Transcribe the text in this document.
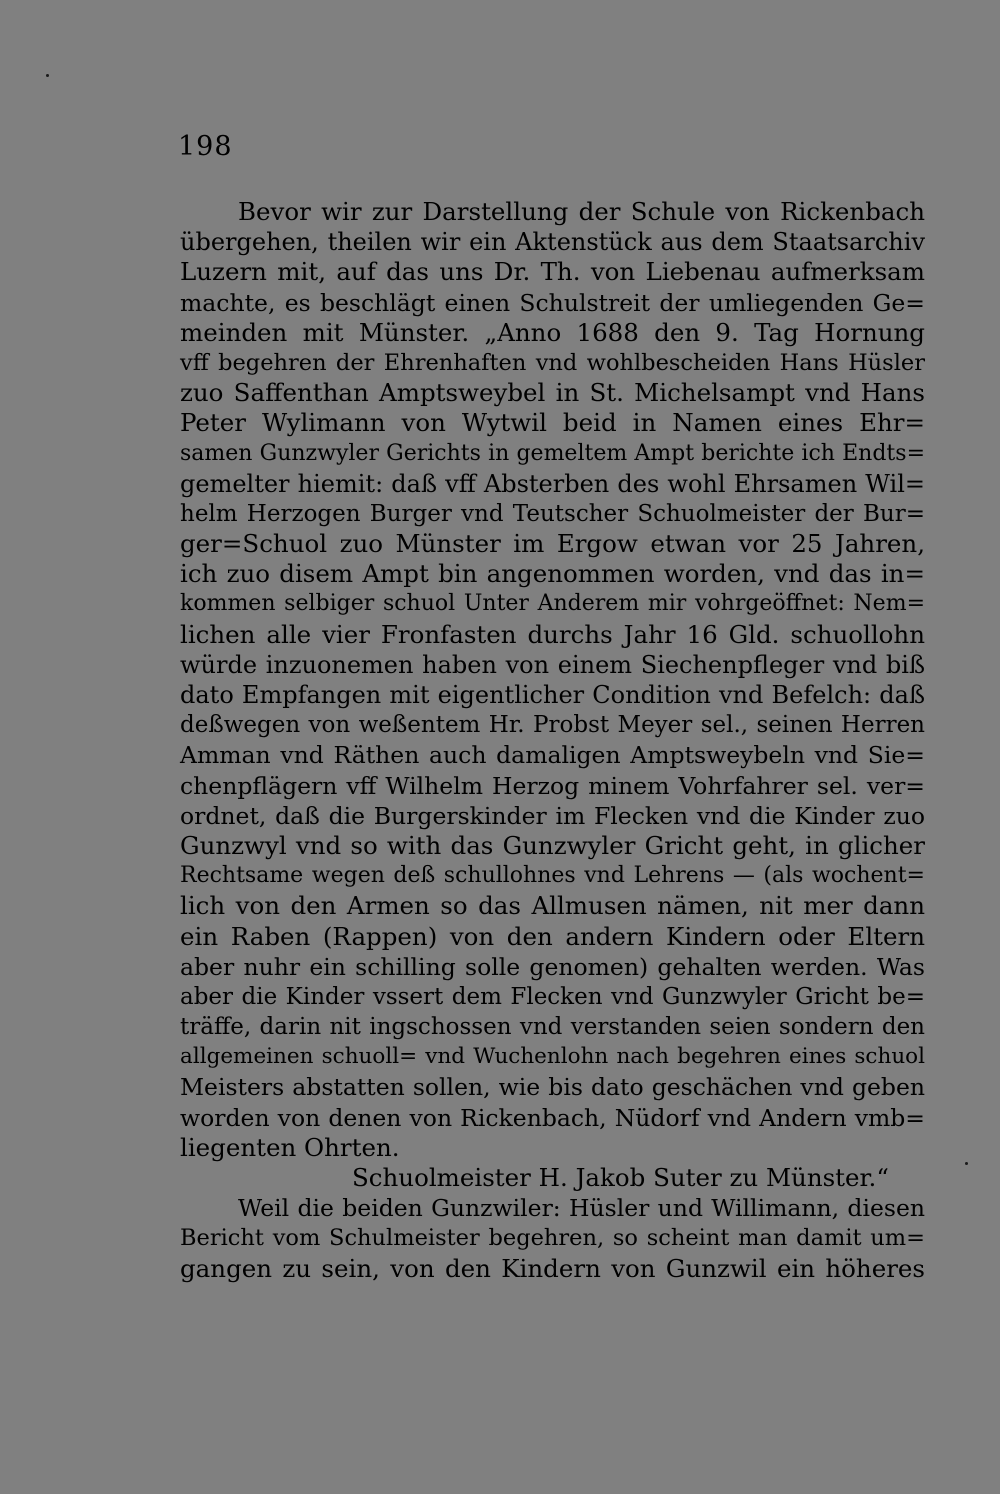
198
Bevor wir zur Darstellung der Schule von Rickenbach
übergehen, theilen wir ein Aktenstück aus dem Staatsarchiv
Luzern mit, auf das uns Dr. Th. von Liebenau aufmerksam
machte, es beschlägt einen Schulstreit der umliegenden Ge=
meinden mit Münster. „Anno 1688 den 9. Tag Hornung
vff begehren der Ehrenhaften vnd wohlbescheiden Hans Hüsler
zuo Saffenthan Amptsweybel in St. Michelsampt vnd Hans
Peter Wylimann von Wytwil beid in Namen eines Ehr=
samen Gunzwyler Gerichts in gemeltem Ampt berichte ich Endts=
gemelter hiemit: daß vff Absterben des wohl Ehrsamen Wil=
helm Herzogen Burger vnd Teutscher Schuolmeister der Bur=
ger=Schuol zuo Münster im Ergow etwan vor 25 Jahren,
ich zuo disem Ampt bin angenommen worden, vnd das in=
kommen selbiger schuol Unter Anderem mir vohrgeöffnet: Nem=
lichen alle vier Fronfasten durchs Jahr 16 Gld. schuollohn
würde inzuonemen haben von einem Siechenpfleger vnd biß
dato Empfangen mit eigentlicher Condition vnd Befelch: daß
deßwegen von weßentem Hr. Probst Meyer sel., seinen Herren
Amman vnd Räthen auch damaligen Amptsweybeln vnd Sie=
chenpflägern vff Wilhelm Herzog minem Vohrfahrer sel. ver=
ordnet, daß die Burgerskinder im Flecken vnd die Kinder zuo
Gunzwyl vnd so with das Gunzwyler Gricht geht, in glicher
Rechtsame wegen deß schullohnes vnd Lehrens — (als wochent=
lich von den Armen so das Allmusen nämen, nit mer dann
ein Raben (Rappen) von den andern Kindern oder Eltern
aber nuhr ein schilling solle genomen) gehalten werden. Was
aber die Kinder vssert dem Flecken vnd Gunzwyler Gricht be=
träffe, darin nit ingschossen vnd verstanden seien sondern den
allgemeinen schuoll= vnd Wuchenlohn nach begehren eines schuol
Meisters abstatten sollen, wie bis dato geschächen vnd geben
worden von denen von Rickenbach, Nüdorf vnd Andern vmb=
liegenten Ohrten.
Schuolmeister H. Jakob Suter zu Münster.“
Weil die beiden Gunzwiler: Hüsler und Willimann, diesen
Bericht vom Schulmeister begehren, so scheint man damit um=
gangen zu sein, von den Kindern von Gunzwil ein höheres
